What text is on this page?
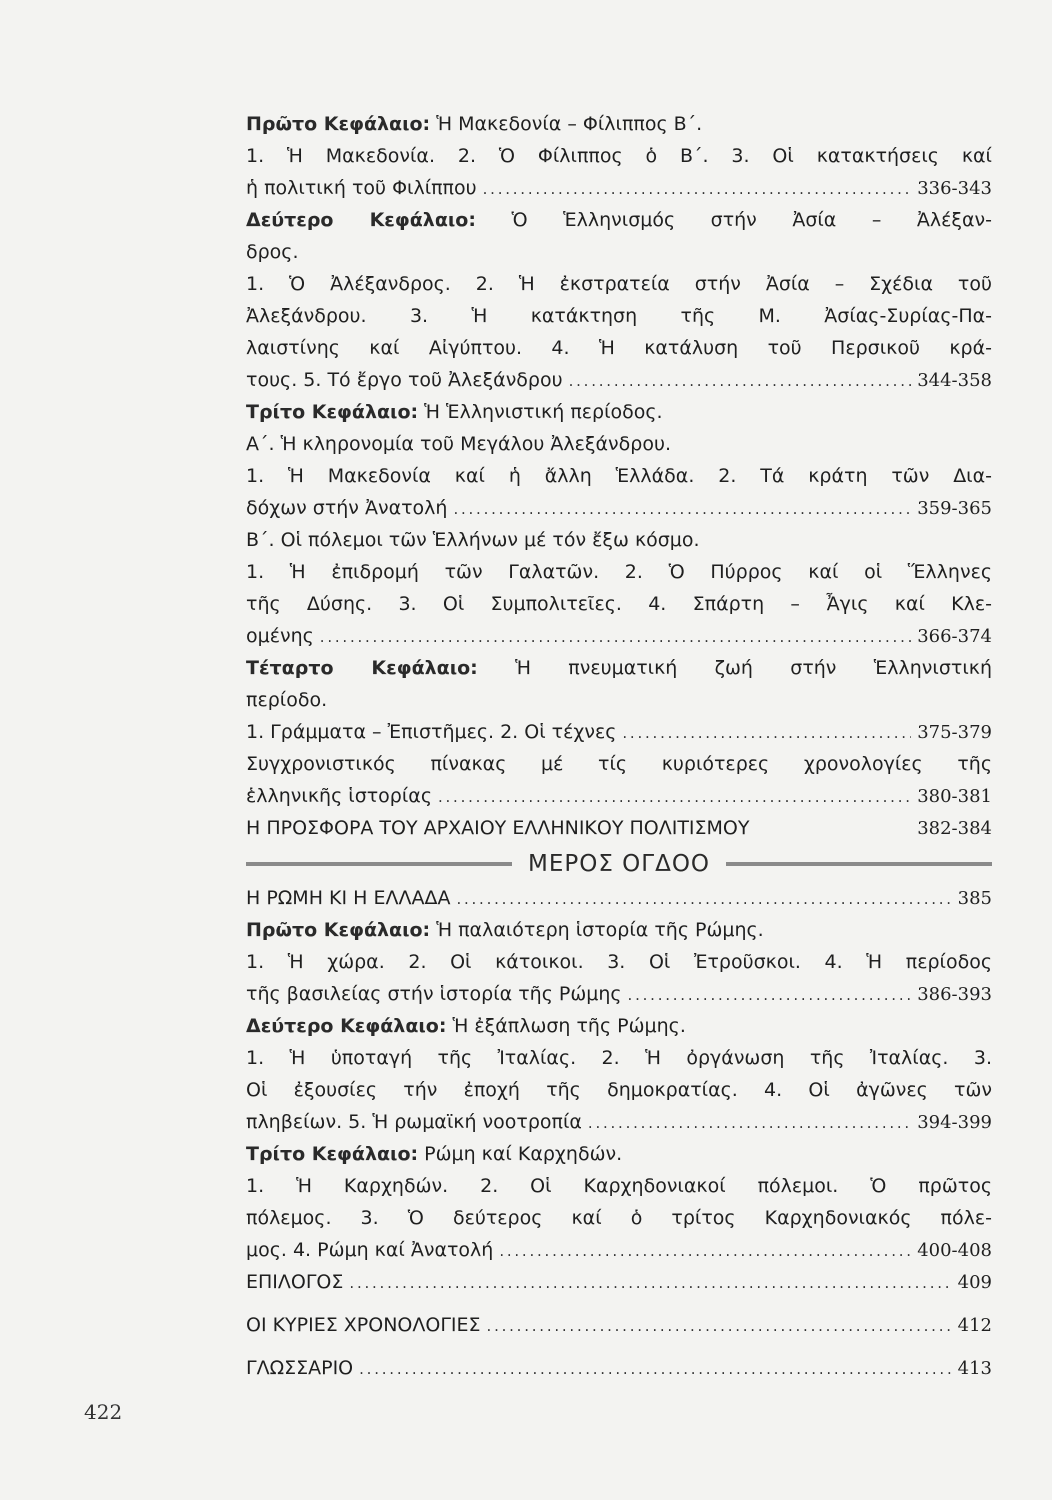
Πρῶτο Κεφάλαιο: Ἡ Μακεδονία – Φίλιππος Β΄.
1. Ἡ Μακεδονία. 2. Ὁ Φίλιππος ὁ Β΄. 3. Οἱ κατακτήσεις καί
ἡ πολιτική τοῦ Φιλίππου . . .	336-343
Δεύτερο Κεφάλαιο: Ὁ Ἑλληνισμός στήν Ἀσία – Ἀλέξαν-
δρος.
1. Ὁ Ἀλέξανδρος. 2. Ἡ ἐκστρατεία στήν Ἀσία – Σχέδια τοῦ
Ἀλεξάνδρου. 3. Ἡ κατάκτηση τῆς Μ. Ἀσίας-Συρίας-Πα-
λαιστίνης καί Αἰγύπτου. 4. Ἡ κατάλυση τοῦ Περσικοῦ κρά-
τους. 5. Τό ἔργο τοῦ Ἀλεξάνδρου . . .	344-358
Τρίτο Κεφάλαιο: Ἡ Ἑλληνιστική περίοδος.
Α΄. Ἡ κληρονομία τοῦ Μεγάλου Ἀλεξάνδρου.
1. Ἡ Μακεδονία καί ἡ ἄλλη Ἑλλάδα. 2. Τά κράτη τῶν Δια-
δόχων στήν Ἀνατολή . . .	359-365
Β΄. Οἱ πόλεμοι τῶν Ἑλλήνων μέ τόν ἔξω κόσμο.
1. Ἡ ἐπιδρομή τῶν Γαλατῶν. 2. Ὁ Πύρρος καί οἱ Ἕλληνες
τῆς Δύσης. 3. Οἱ Συμπολιτεῖες. 4. Σπάρτη – Ἆγις καί Κλε-
ομένης . . .	366-374
Τέταρτο Κεφάλαιο: Ἡ πνευματική ζωή στήν Ἑλληνιστική
περίοδο.
1. Γράμματα – Ἐπιστῆμες. 2. Οἱ τέχνες . . .	375-379
Συγχρονιστικός πίνακας μέ τίς κυριότερες χρονολογίες τῆς
ἑλληνικῆς ἱστορίας . . .	380-381
Η ΠΡΟΣΦΟΡΑ ΤΟΥ ΑΡΧΑΙΟΥ ΕΛΛΗΝΙΚΟΥ ΠΟΛΙΤΙΣΜΟΥ	382-384
ΜΕΡΟΣ ΟΓΔΟΟ
Η ΡΩΜΗ ΚΙ Η ΕΛΛΑΔΑ . . .	385
Πρῶτο Κεφάλαιο: Ἡ παλαιότερη ἱστορία τῆς Ρώμης.
1. Ἡ χώρα. 2. Οἱ κάτοικοι. 3. Οἱ Ἐτροῦσκοι. 4. Ἡ περίοδος
τῆς βασιλείας στήν ἱστορία τῆς Ρώμης . . .	386-393
Δεύτερο Κεφάλαιο: Ἡ ἐξάπλωση τῆς Ρώμης.
1. Ἡ ὑποταγή τῆς Ἰταλίας. 2. Ἡ ὀργάνωση τῆς Ἰταλίας. 3.
Οἱ ἐξουσίες τήν ἐποχή τῆς δημοκρατίας. 4. Οἱ ἀγῶνες τῶν
πληβείων. 5. Ἡ ρωμαϊκή νοοτροπία . . .	394-399
Τρίτο Κεφάλαιο: Ρώμη καί Καρχηδών.
1. Ἡ Καρχηδών. 2. Οἱ Καρχηδονιακοί πόλεμοι. Ὁ πρῶτος
πόλεμος. 3. Ὁ δεύτερος καί ὁ τρίτος Καρχηδονιακός πόλε-
μος. 4. Ρώμη καί Ἀνατολή . . .	400-408
ΕΠΙΛΟΓΟΣ . . .	409
ΟΙ ΚΥΡΙΕΣ ΧΡΟΝΟΛΟΓΙΕΣ . . .	412
ΓΛΩΣΣΑΡΙΟ . . .	413
422
